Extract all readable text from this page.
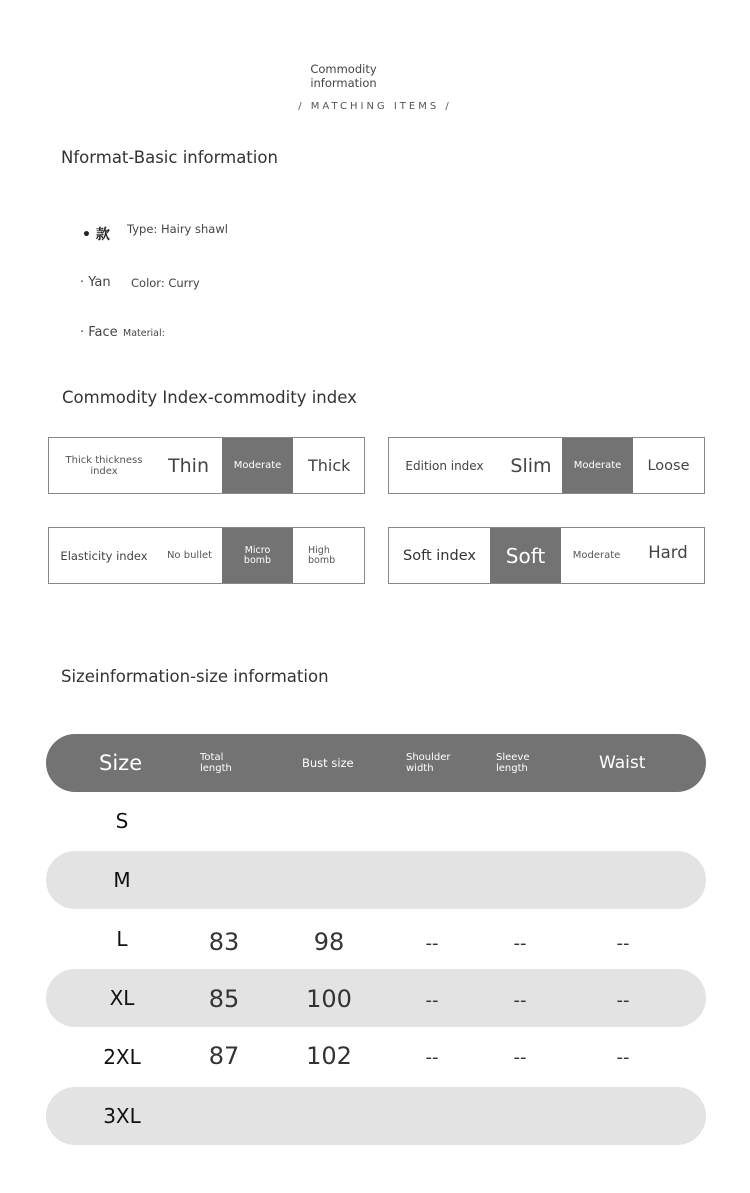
Commodity
information
/ MATCHING ITEMS /
Nformat-Basic information
• 款 Type: Hairy shawl
· Yan Color: Curry
· Face Material:
Commodity Index-commodity index
Thick thickness
index	Thin	Moderate	Thick	Edition index	Slim	Moderate	Loose
Elasticity index	No bullet	Micro
bomb
High
bomb	Soft index	Soft	Moderate	Hard
Sizeinformation-size information
Size	Total
length	Bust size	Shoulder
width
Sleeve
length	Waist
S
M
L	83	98	--	--	--
XL	85	100	--	--	--
2XL	87	102	--	--	--
3XL
